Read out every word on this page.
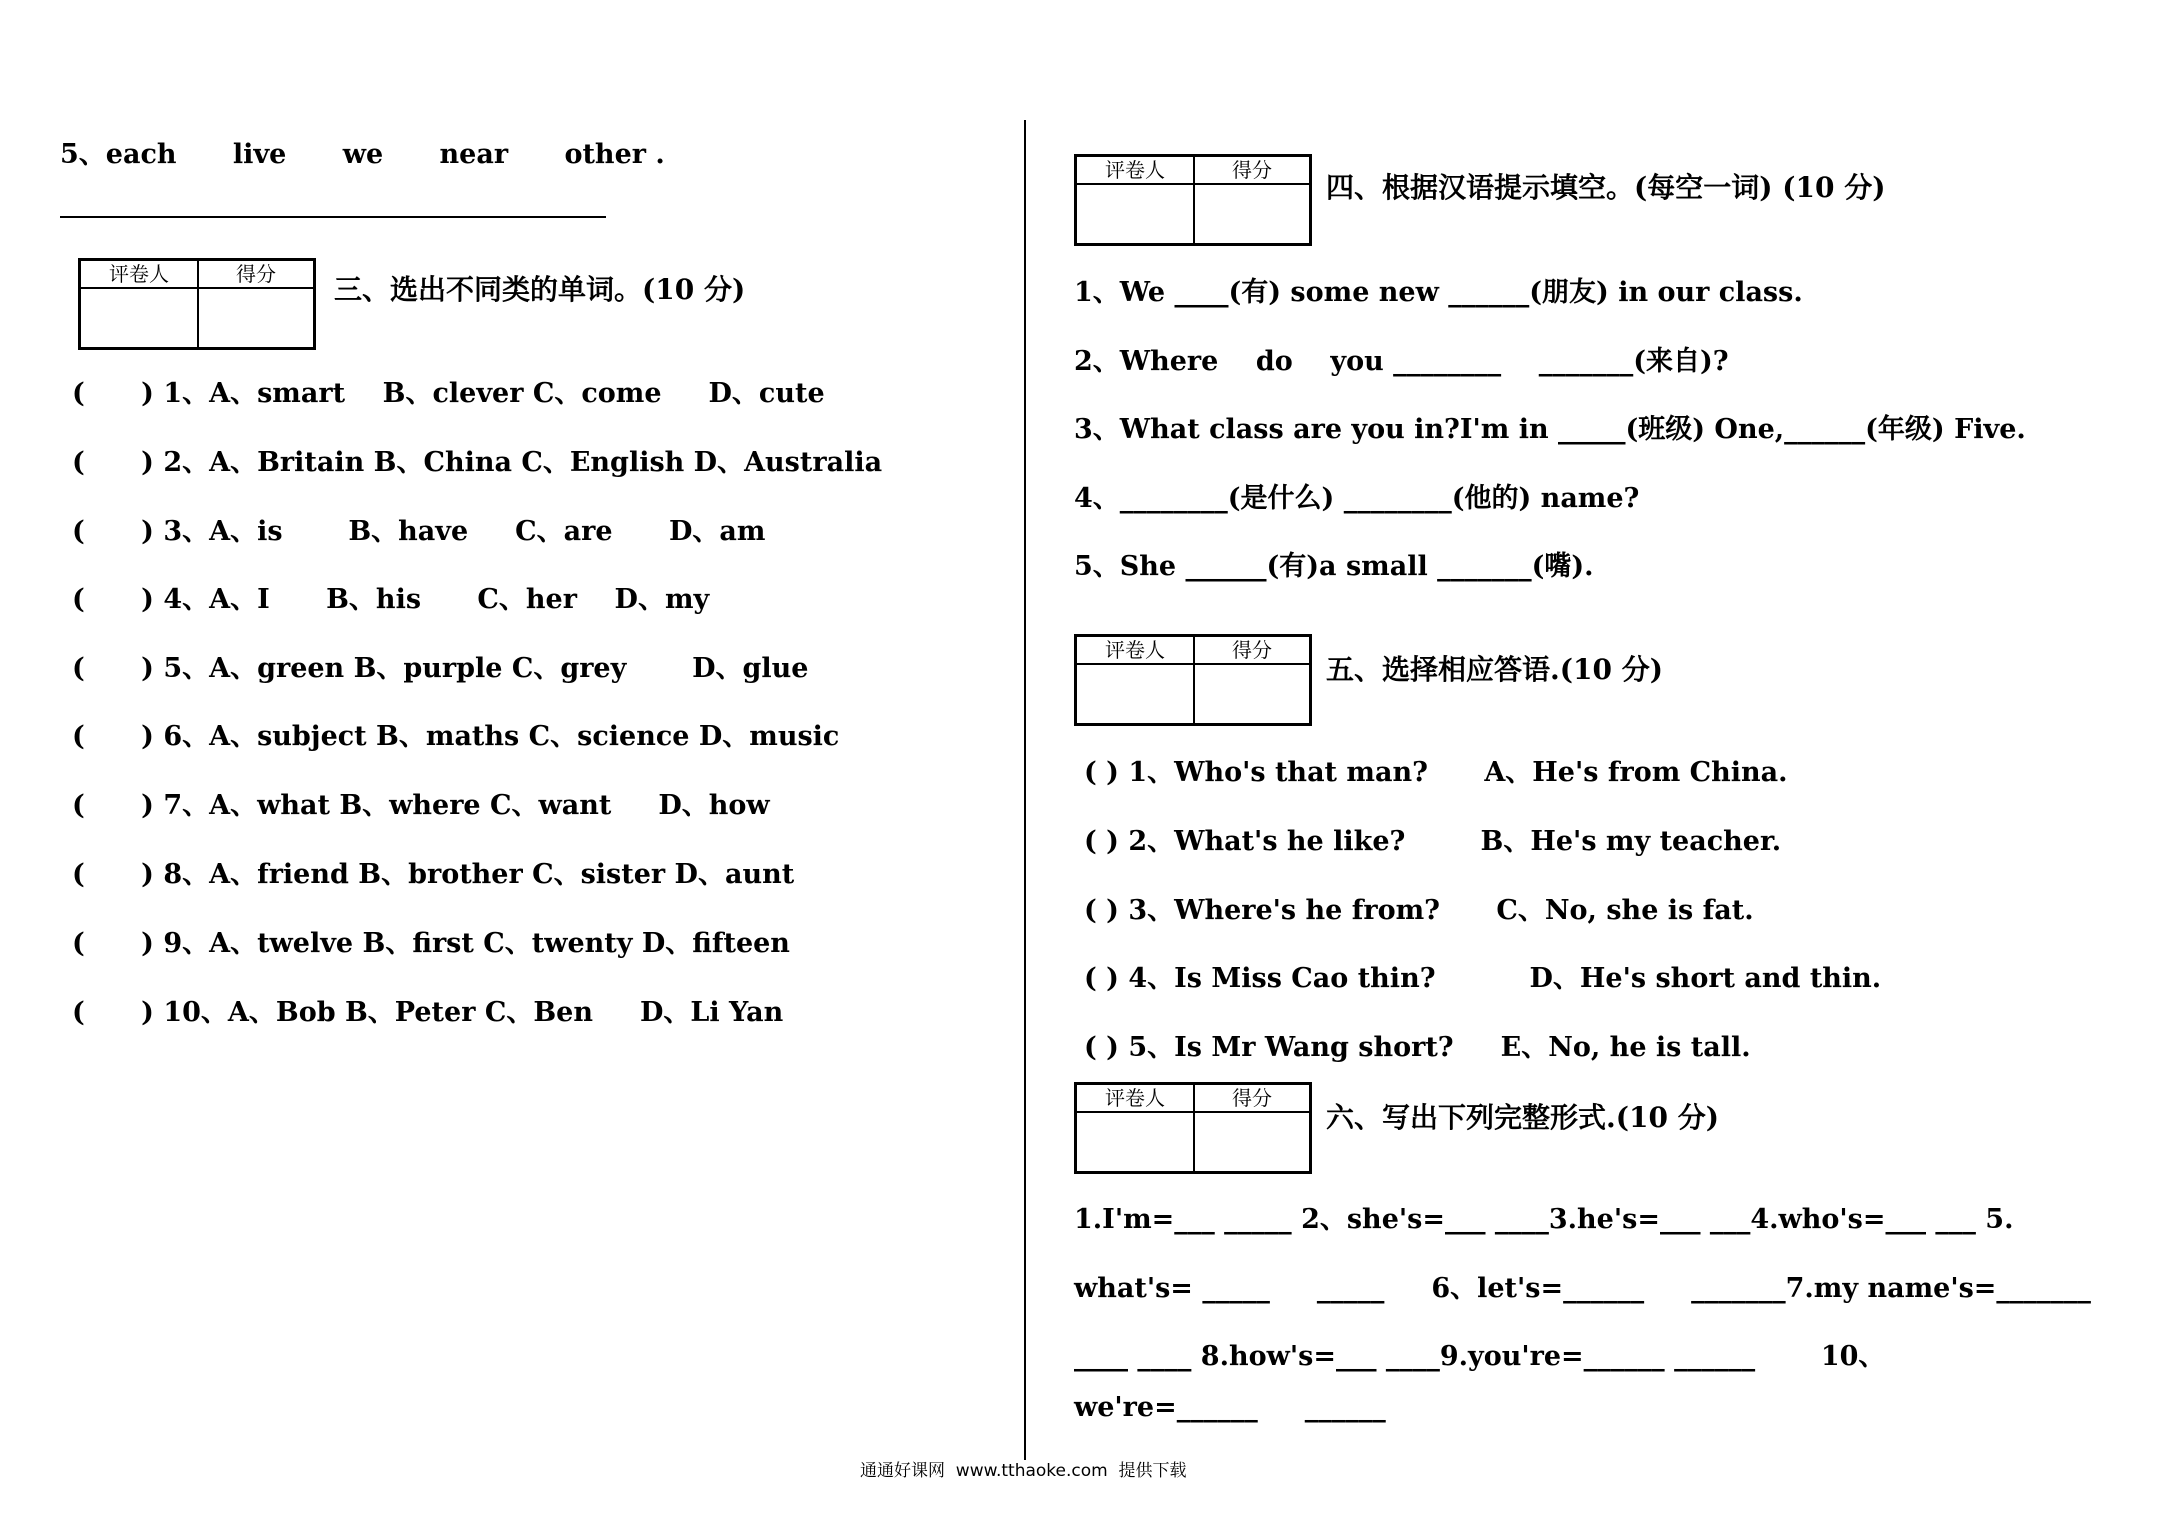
5、each      live      we      near      other .
评卷人	得分	三、选出不同类的单词。(10 分)
(      ) 1、A、smart    B、clever C、come     D、cute
(      ) 2、A、Britain B、China C、English D、Australia
(      ) 3、A、is       B、have     C、are      D、am
(      ) 4、A、I      B、his      C、her    D、my
(      ) 5、A、green B、purple C、grey       D、glue
(      ) 6、A、subject B、maths C、science D、music
(      ) 7、A、what B、where C、want     D、how
(      ) 8、A、friend B、brother C、sister D、aunt
(      ) 9、A、twelve B、first C、twenty D、fifteen
(      ) 10、A、Bob B、Peter C、Ben     D、Li Yan
评卷人	得分
四、根据汉语提示填空。(每空一词) (10 分)
1、We ____(有) some new ______(朋友) in our class.
2、Where    do    you ________    _______(来自)?
3、What class are you in?I'm in _____(班级) One,______(年级) Five.
4、________(是什么) ________(他的) name?
5、She ______(有)a small _______(嘴).
评卷人	得分
五、选择相应答语.(10 分)
( ) 1、Who's that man?      A、He's from China.
( ) 2、What's he like?        B、He's my teacher.
( ) 3、Where's he from?      C、No, she is fat.
( ) 4、Is Miss Cao thin?          D、He's short and thin.
( ) 5、Is Mr Wang short?     E、No, he is tall.
评卷人	得分
六、写出下列完整形式.(10 分)
1.I'm=___ _____ 2、she's=___ ____3.he's=___ ___4.who's=___ ___ 5.
what's= _____     _____     6、let's=______     _______7.my name's=_______
____ ____ 8.how's=___ ____9.you're=______ ______       10、
we're=______     ______
通通好课网  www.tthaoke.com  提供下载
